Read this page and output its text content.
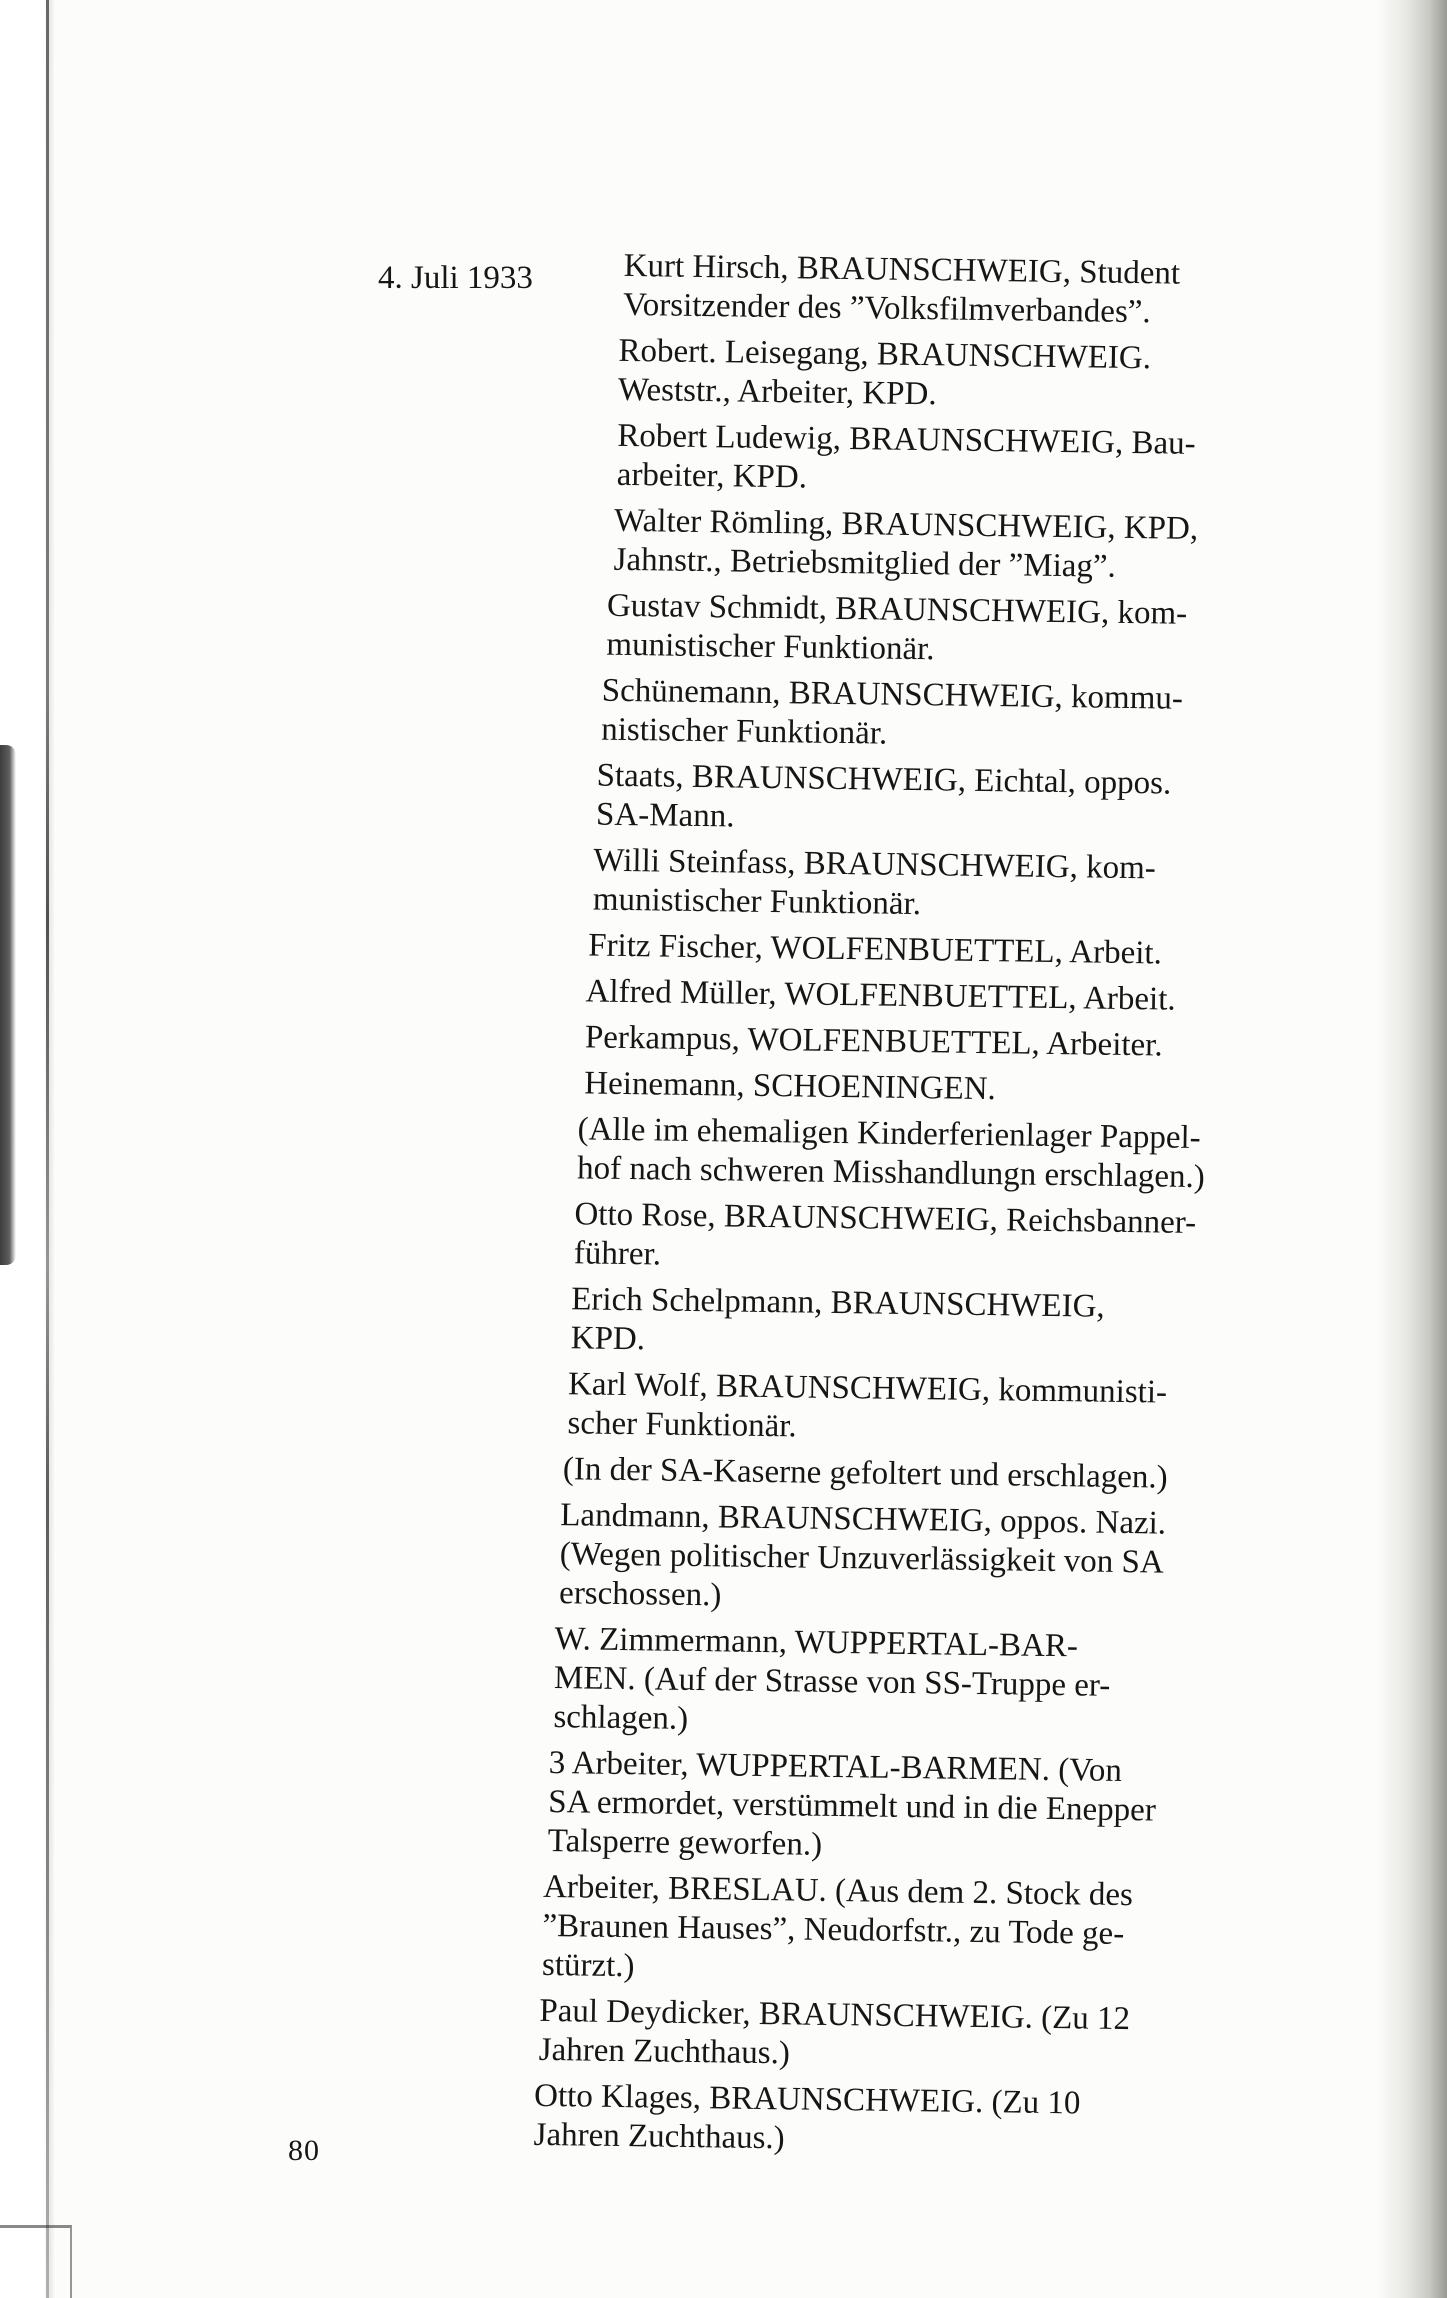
4. Juli 1933	Kurt Hirsch, BRAUNSCHWEIG, Student
Vorsitzender des ”Volksfilmverbandes”.
Robert. Leisegang, BRAUNSCHWEIG.
Weststr., Arbeiter, KPD.
Robert Ludewig, BRAUNSCHWEIG, Bau-
arbeiter, KPD.
Walter Römling, BRAUNSCHWEIG, KPD,
Jahnstr., Betriebsmitglied der ”Miag”.
Gustav Schmidt, BRAUNSCHWEIG, kom-
munistischer Funktionär.
Schünemann, BRAUNSCHWEIG, kommu-
nistischer Funktionär.
Staats, BRAUNSCHWEIG, Eichtal, oppos.
SA-Mann.
Willi Steinfass, BRAUNSCHWEIG, kom-
munistischer Funktionär.
Fritz Fischer, WOLFENBUETTEL, Arbeit.
Alfred Müller, WOLFENBUETTEL, Arbeit.
Perkampus, WOLFENBUETTEL, Arbeiter.
Heinemann, SCHOENINGEN.
(Alle im ehemaligen Kinderferienlager Pappel-
hof nach schweren Misshandlungn erschlagen.)
Otto Rose, BRAUNSCHWEIG, Reichsbanner-
führer.
Erich Schelpmann, BRAUNSCHWEIG,
KPD.
Karl Wolf, BRAUNSCHWEIG, kommunisti-
scher Funktionär.
(In der SA-Kaserne gefoltert und erschlagen.)
Landmann, BRAUNSCHWEIG, oppos. Nazi.
(Wegen politischer Unzuverlässigkeit von SA
erschossen.)
W. Zimmermann, WUPPERTAL-BAR-
MEN. (Auf der Strasse von SS-Truppe er-
schlagen.)
3 Arbeiter, WUPPERTAL-BARMEN. (Von
SA ermordet, verstümmelt und in die Enepper
Talsperre geworfen.)
Arbeiter, BRESLAU. (Aus dem 2. Stock des
”Braunen Hauses”, Neudorfstr., zu Tode ge-
stürzt.)
Paul Deydicker, BRAUNSCHWEIG. (Zu 12
Jahren Zuchthaus.)
Otto Klages, BRAUNSCHWEIG. (Zu 10
Jahren Zuchthaus.)
80
